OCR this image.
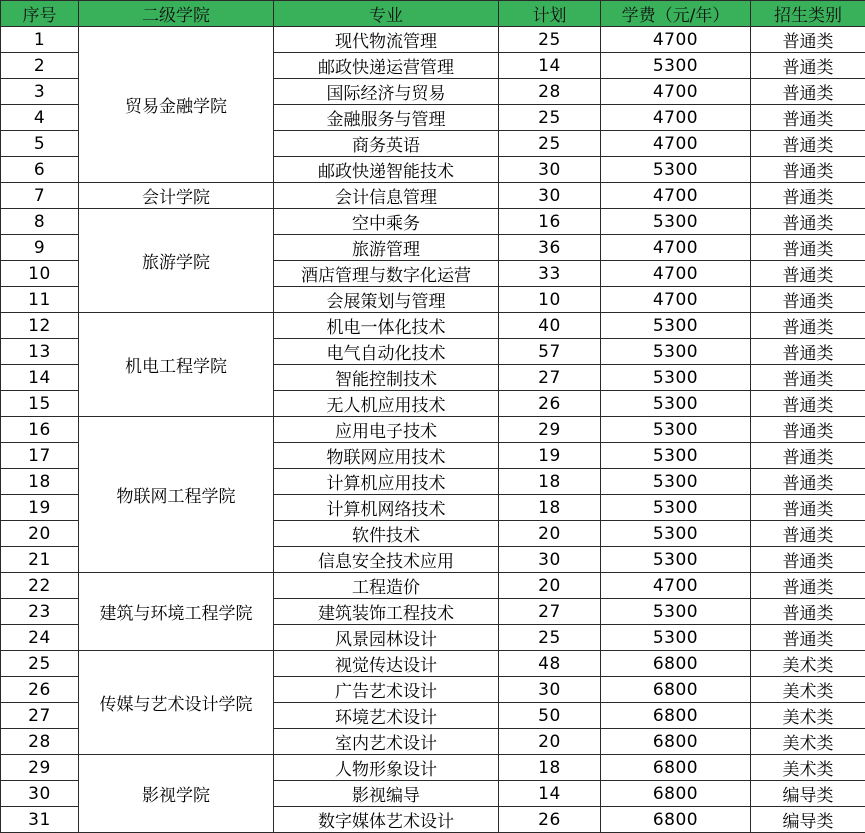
序号	二级学院	专业	计划	学费（元/年）	招生类别
1	贸易金融学院	现代物流管理	25	4700	普通类
2		邮政快递运营管理	14	5300	普通类
3		国际经济与贸易	28	4700	普通类
4		金融服务与管理	25	4700	普通类
5		商务英语	25	4700	普通类
6		邮政快递智能技术	30	5300	普通类
7	会计学院	会计信息管理	30	4700	普通类
8	旅游学院	空中乘务	16	5300	普通类
9		旅游管理	36	4700	普通类
10		酒店管理与数字化运营	33	4700	普通类
11		会展策划与管理	10	4700	普通类
12	机电工程学院	机电一体化技术	40	5300	普通类
13		电气自动化技术	57	5300	普通类
14		智能控制技术	27	5300	普通类
15		无人机应用技术	26	5300	普通类
16	物联网工程学院	应用电子技术	29	5300	普通类
17		物联网应用技术	19	5300	普通类
18		计算机应用技术	18	5300	普通类
19		计算机网络技术	18	5300	普通类
20		软件技术	20	5300	普通类
21		信息安全技术应用	30	5300	普通类
22	建筑与环境工程学院	工程造价	20	4700	普通类
23		建筑装饰工程技术	27	5300	普通类
24		风景园林设计	25	5300	普通类
25	传媒与艺术设计学院	视觉传达设计	48	6800	美术类
26		广告艺术设计	30	6800	美术类
27		环境艺术设计	50	6800	美术类
28		室内艺术设计	20	6800	美术类
29	影视学院	人物形象设计	18	6800	美术类
30		影视编导	14	6800	编导类
31		数字媒体艺术设计	26	6800	编导类
